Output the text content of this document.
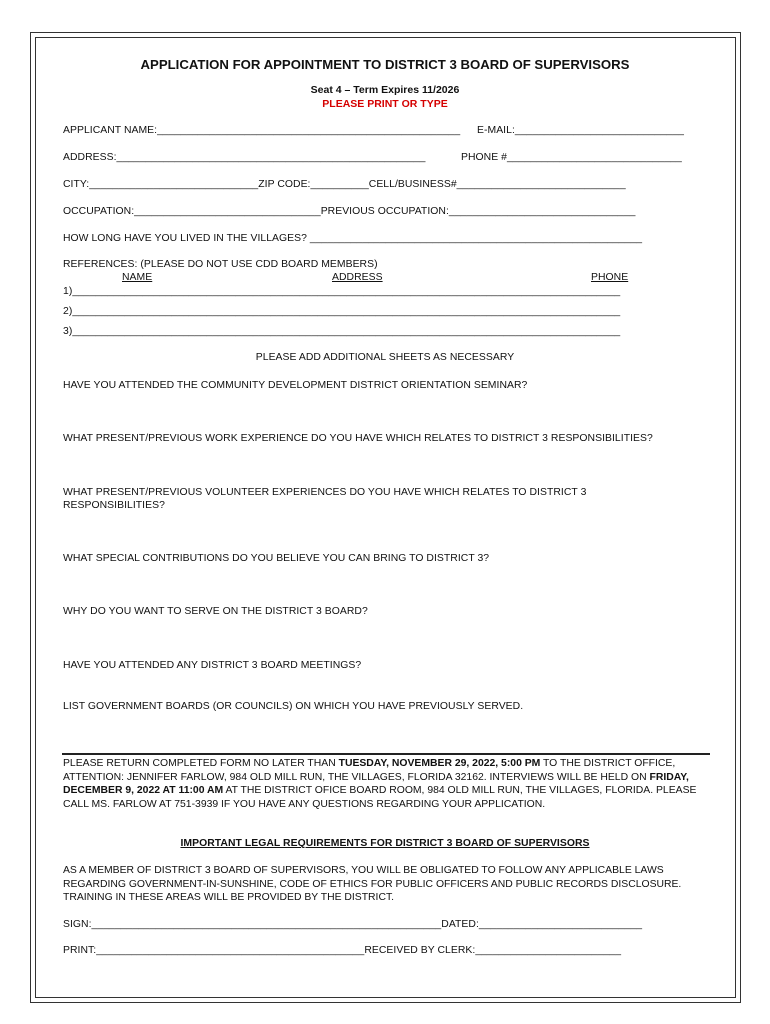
APPLICATION FOR APPOINTMENT TO DISTRICT 3 BOARD OF SUPERVISORS
Seat 4 – Term Expires 11/2026
PLEASE PRINT OR TYPE
APPLICANT NAME:____________________________________________________ E-MAIL:_____________________________
ADDRESS:_____________________________________________________	PHONE #______________________________
CITY:_____________________________ZIP CODE:__________CELL/BUSINESS#_____________________________
OCCUPATION:________________________________PREVIOUS OCCUPATION:________________________________
HOW LONG HAVE YOU LIVED IN THE VILLAGES? _________________________________________________________
REFERENCES: (PLEASE DO NOT USE CDD BOARD MEMBERS)
NAME	ADDRESS	PHONE
1)______________________________________________________________________________________________
2)______________________________________________________________________________________________
3)______________________________________________________________________________________________
PLEASE ADD ADDITIONAL SHEETS AS NECESSARY
HAVE YOU ATTENDED THE COMMUNITY DEVELOPMENT DISTRICT ORIENTATION SEMINAR?
WHAT PRESENT/PREVIOUS WORK EXPERIENCE DO YOU HAVE WHICH RELATES TO DISTRICT 3 RESPONSIBILITIES?
WHAT PRESENT/PREVIOUS VOLUNTEER EXPERIENCES DO YOU HAVE WHICH RELATES TO DISTRICT 3
RESPONSIBILITIES?
WHAT SPECIAL CONTRIBUTIONS DO YOU BELIEVE YOU CAN BRING TO DISTRICT 3?
WHY DO YOU WANT TO SERVE ON THE DISTRICT 3 BOARD?
HAVE YOU ATTENDED ANY DISTRICT 3 BOARD MEETINGS?
LIST GOVERNMENT BOARDS (OR COUNCILS) ON WHICH YOU HAVE PREVIOUSLY SERVED.
PLEASE RETURN COMPLETED FORM NO LATER THAN TUESDAY, NOVEMBER 29, 2022, 5:00 PM TO THE DISTRICT OFFICE, ATTENTION: JENNIFER FARLOW, 984 OLD MILL RUN, THE VILLAGES, FLORIDA 32162. INTERVIEWS WILL BE HELD ON FRIDAY, DECEMBER 9, 2022 AT 11:00 AM AT THE DISTRICT OFICE BOARD ROOM, 984 OLD MILL RUN, THE VILLAGES, FLORIDA. PLEASE CALL MS. FARLOW AT 751-3939 IF YOU HAVE ANY QUESTIONS REGARDING YOUR APPLICATION.
IMPORTANT LEGAL REQUIREMENTS FOR DISTRICT 3 BOARD OF SUPERVISORS
AS A MEMBER OF DISTRICT 3 BOARD OF SUPERVISORS, YOU WILL BE OBLIGATED TO FOLLOW ANY APPLICABLE LAWS REGARDING GOVERNMENT-IN-SUNSHINE, CODE OF ETHICS FOR PUBLIC OFFICERS AND PUBLIC RECORDS DISCLOSURE. TRAINING IN THESE AREAS WILL BE PROVIDED BY THE DISTRICT.
SIGN:____________________________________________________________DATED:____________________________
PRINT:______________________________________________RECEIVED BY CLERK:_________________________
